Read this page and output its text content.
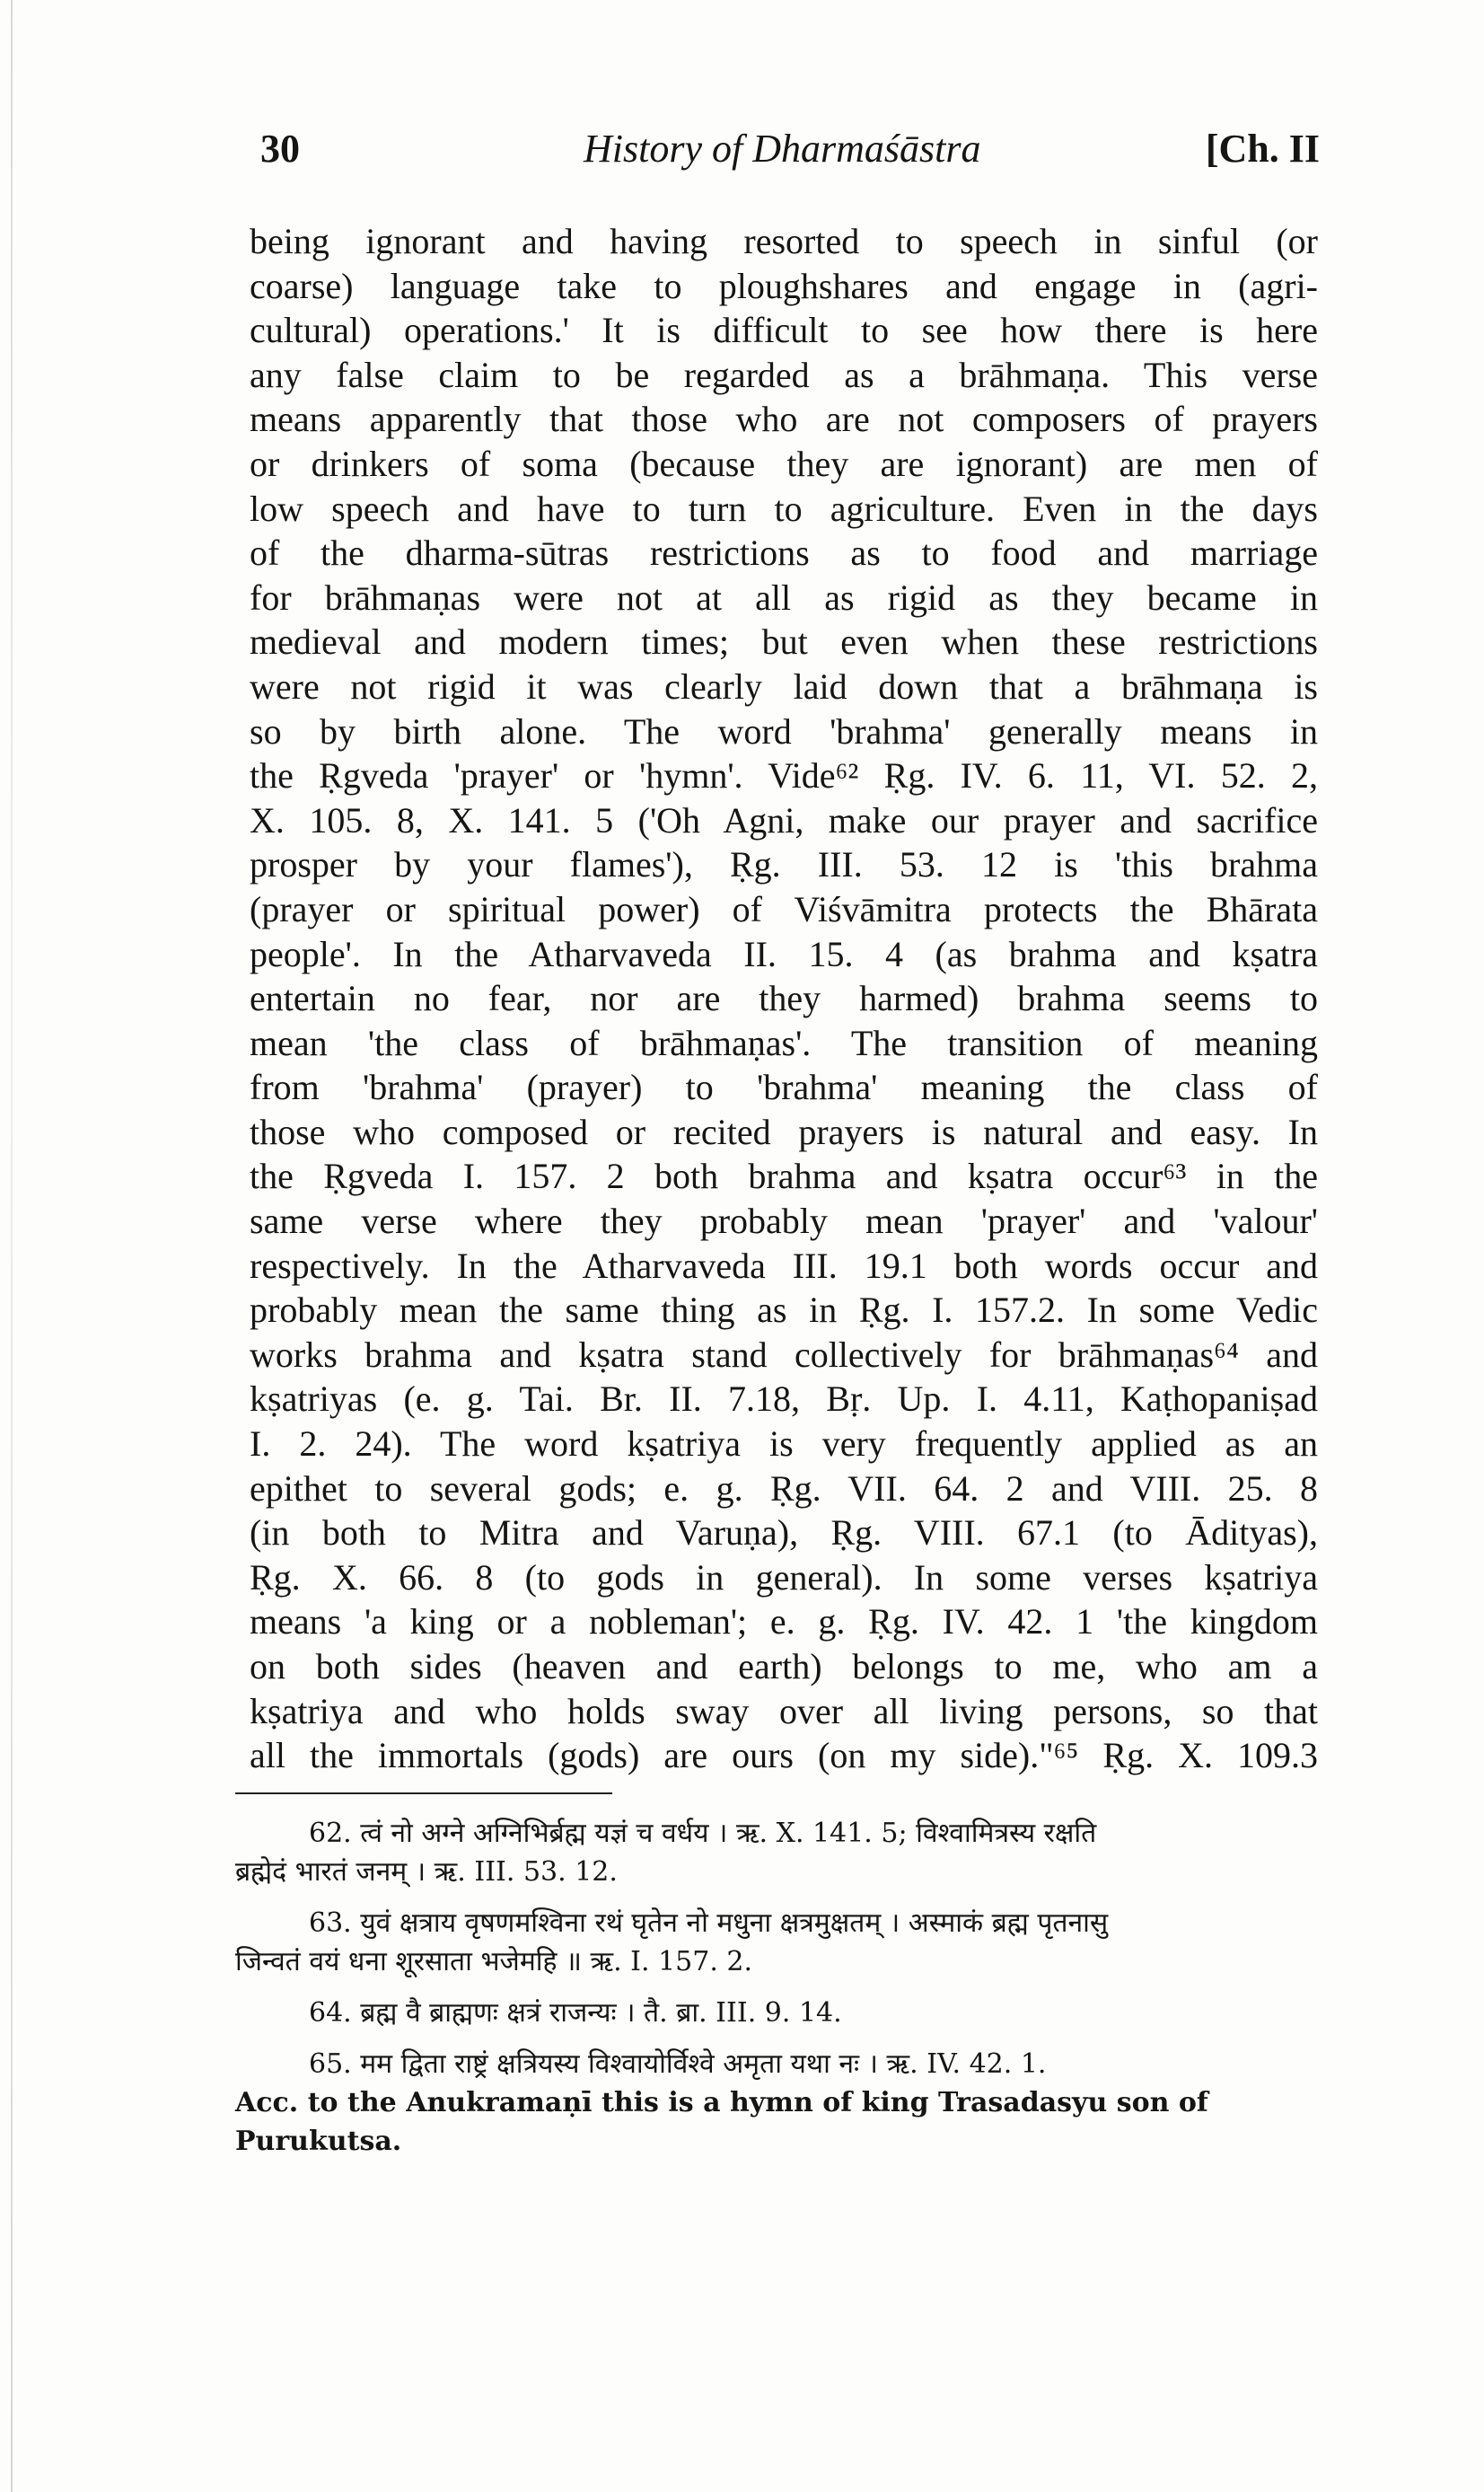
30	History of Dharmaśāstra	[Ch. II
being ignorant and having resorted to speech in sinful (or
coarse) language take to ploughshares and engage in (agri-
cultural) operations.' It is difficult to see how there is here
any false claim to be regarded as a brāhmaṇa. This verse
means apparently that those who are not composers of prayers
or drinkers of soma (because they are ignorant) are men of
low speech and have to turn to agriculture. Even in the days
of the dharma-sūtras restrictions as to food and marriage
for brāhmaṇas were not at all as rigid as they became in
medieval and modern times; but even when these restrictions
were not rigid it was clearly laid down that a brāhmaṇa is
so by birth alone. The word 'brahma' generally means in
the Ṛgveda 'prayer' or 'hymn'. Vide⁶² Ṛg. IV. 6. 11, VI. 52. 2,
X. 105. 8, X. 141. 5 ('Oh Agni, make our prayer and sacrifice
prosper by your flames'), Ṛg. III. 53. 12 is 'this brahma
(prayer or spiritual power) of Viśvāmitra protects the Bhārata
people'. In the Atharvaveda II. 15. 4 (as brahma and kṣatra
entertain no fear, nor are they harmed) brahma seems to
mean 'the class of brāhmaṇas'. The transition of meaning
from 'brahma' (prayer) to 'brahma' meaning the class of
those who composed or recited prayers is natural and easy. In
the Ṛgveda I. 157. 2 both brahma and kṣatra occur⁶³ in the
same verse where they probably mean 'prayer' and 'valour'
respectively. In the Atharvaveda III. 19.1 both words occur and
probably mean the same thing as in Ṛg. I. 157.2. In some Vedic
works brahma and kṣatra stand collectively for brāhmaṇas⁶⁴ and
kṣatriyas (e. g. Tai. Br. II. 7.18, Bṛ. Up. I. 4.11, Kaṭhopaniṣad
I. 2. 24). The word kṣatriya is very frequently applied as an
epithet to several gods; e. g. Ṛg. VII. 64. 2 and VIII. 25. 8
(in both to Mitra and Varuṇa), Ṛg. VIII. 67.1 (to Ādityas),
Ṛg. X. 66. 8 (to gods in general). In some verses kṣatriya
means 'a king or a nobleman'; e. g. Ṛg. IV. 42. 1 'the kingdom
on both sides (heaven and earth) belongs to me, who am a
kṣatriya and who holds sway over all living persons, so that
all the immortals (gods) are ours (on my side)."⁶⁵ Ṛg. X. 109.3
62. त्वं नो अग्ने अग्निभिर्ब्रह्म यज्ञं च वर्धय । ऋ. X. 141. 5; विश्वामित्रस्य रक्षति
ब्रह्मेदं भारतं जनम् । ऋ. III. 53. 12.
63. युवं क्षत्राय वृषणमश्विना रथं घृतेन नो मधुना क्षत्रमुक्षतम् । अस्माकं ब्रह्म पृतनासु
जिन्वतं वयं धना शूरसाता भजेमहि ॥ ऋ. I. 157. 2.
64. ब्रह्म वै ब्राह्मणः क्षत्रं राजन्यः । तै. ब्रा. III. 9. 14.
65. मम द्विता राष्ट्रं क्षत्रियस्य विश्वायोर्विश्वे अमृता यथा नः । ऋ. IV. 42. 1.
Acc. to the Anukramaṇī this is a hymn of king Trasadasyu son of
Purukutsa.
